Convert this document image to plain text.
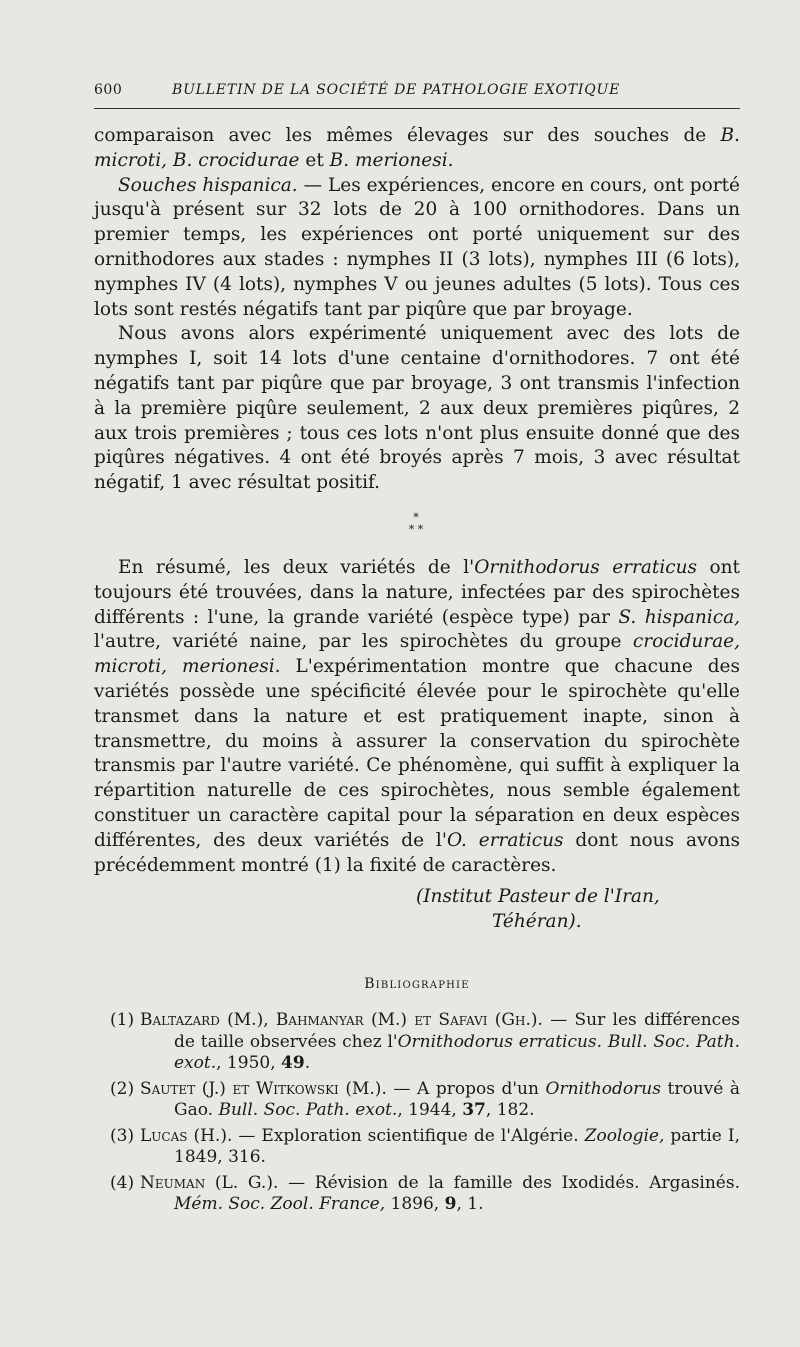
600	BULLETIN DE LA SOCIÉTÉ DE PATHOLOGIE EXOTIQUE

comparaison avec les mêmes élevages sur des souches de B. microti, B. crocidurae et B. merionesi.

Souches hispanica. — Les expériences, encore en cours, ont porté jusqu'à présent sur 32 lots de 20 à 100 ornithodores. Dans un premier temps, les expériences ont porté uniquement sur des ornithodores aux stades : nymphes II (3 lots), nymphes III (6 lots), nymphes IV (4 lots), nymphes V ou jeunes adultes (5 lots). Tous ces lots sont restés négatifs tant par piqûre que par broyage.

Nous avons alors expérimenté uniquement avec des lots de nymphes I, soit 14 lots d'une centaine d'ornithodores. 7 ont été négatifs tant par piqûre que par broyage, 3 ont transmis l'infection à la première piqûre seulement, 2 aux deux premières piqûres, 2 aux trois premières ; tous ces lots n'ont plus ensuite donné que des piqûres négatives. 4 ont été broyés après 7 mois, 3 avec résultat négatif, 1 avec résultat positif.

*
* *

En résumé, les deux variétés de l'Ornithodorus erraticus ont toujours été trouvées, dans la nature, infectées par des spirochètes différents : l'une, la grande variété (espèce type) par S. hispanica, l'autre, variété naine, par les spirochètes du groupe crocidurae, microti, merionesi. L'expérimentation montre que chacune des variétés possède une spécificité élevée pour le spirochète qu'elle transmet dans la nature et est pratiquement inapte, sinon à transmettre, du moins à assurer la conservation du spirochète transmis par l'autre variété. Ce phénomène, qui suffit à expliquer la répartition naturelle de ces spirochètes, nous semble également constituer un caractère capital pour la séparation en deux espèces différentes, des deux variétés de l'O. erraticus dont nous avons précédemment montré (1) la fixité de caractères.

(Institut Pasteur de l'Iran,
Téhéran).
Bibliographie

(1) Baltazard (M.), Bahmanyar (M.) et Safavi (Gh.). — Sur les différences de taille observées chez l'Ornithodorus erraticus. Bull. Soc. Path. exot., 1950, 49.

(2) Sautet (J.) et Witkowski (M.). — A propos d'un Ornithodorus trouvé à Gao. Bull. Soc. Path. exot., 1944, 37, 182.

(3) Lucas (H.). — Exploration scientifique de l'Algérie. Zoologie, partie I, 1849, 316.

(4) Neuman (L. G.). — Révision de la famille des Ixodidés. Argasinés. Mém. Soc. Zool. France, 1896, 9, 1.
